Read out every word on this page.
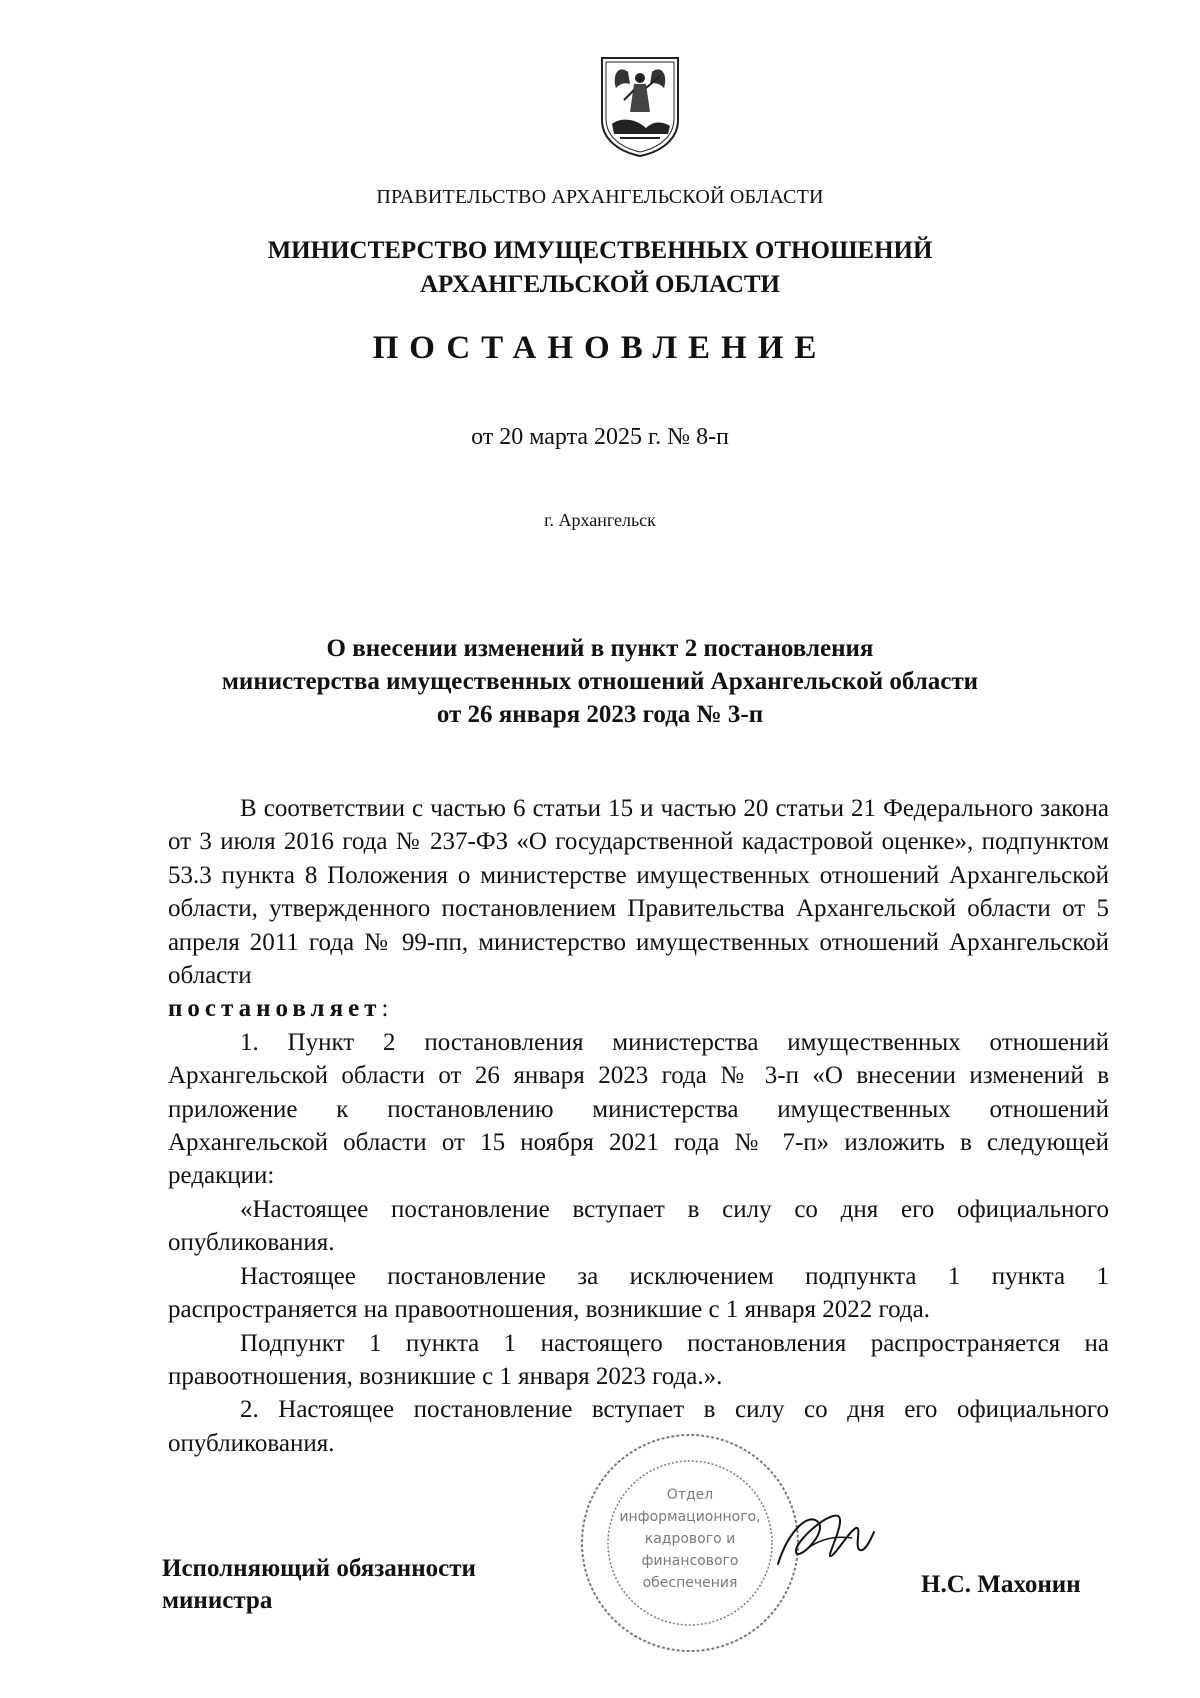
ПРАВИТЕЛЬСТВО АРХАНГЕЛЬСКОЙ ОБЛАСТИ
МИНИСТЕРСТВО ИМУЩЕСТВЕННЫХ ОТНОШЕНИЙ
АРХАНГЕЛЬСКОЙ ОБЛАСТИ
ПОСТАНОВЛЕНИЕ
от 20 марта 2025 г. № 8-п
г. Архангельск
О внесении изменений в пункт 2 постановления
министерства имущественных отношений Архангельской области
от 26 января 2023 года № 3-п

В соответствии с частью 6 статьи 15 и частью 20 статьи 21 Федерального закона от 3 июля 2016 года № 237-ФЗ «О государственной кадастровой оценке», подпунктом 53.3 пункта 8 Положения о министерстве имущественных отношений Архангельской области, утвержденного постановлением Правительства Архангельской области от 5 апреля 2011 года № 99-пп, министерство имущественных отношений Архангельской области

постановляет:

1. Пункт 2 постановления министерства имущественных отношений Архангельской области от 26 января 2023 года № 3-п «О внесении изменений в приложение к постановлению министерства имущественных отношений Архангельской области от 15 ноября 2021 года № 7-п» изложить в следующей редакции:

«Настоящее постановление вступает в силу со дня его официального опубликования.

Настоящее постановление за исключением подпункта 1 пункта 1 распространяется на правоотношения, возникшие с 1 января 2022 года.

Подпункт 1 пункта 1 настоящего постановления распространяется на правоотношения, возникшие с 1 января 2023 года.».

2. Настоящее постановление вступает в силу со дня его официального опубликования.

Отдел
информационного,
кадрового и
финансового
обеспечения
Исполняющий обязанности
министра
Н.С. Махонин
